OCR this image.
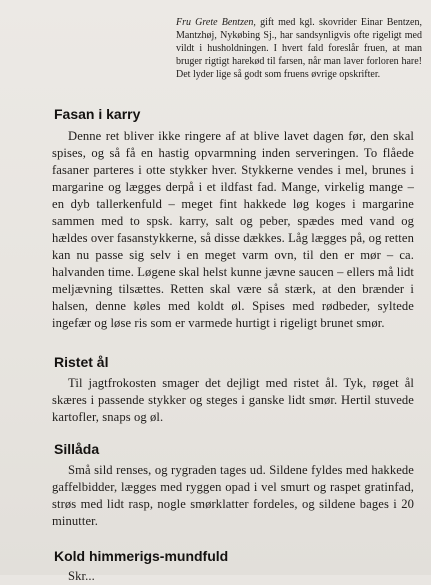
Fru Grete Bentzen, gift med kgl. skovrider Einar Bentzen, Mantzhøj, Nykøbing Sj., har sandsynligvis ofte rigeligt med vildt i husholdningen. I hvert fald foreslår fruen, at man bruger rigtigt harekød til farsen, når man laver forloren hare! Det lyder lige så godt som fruens øvrige opskrifter.
Fasan i karry
Denne ret bliver ikke ringere af at blive lavet dagen før, den skal spises, og så få en hastig opvarmning inden serveringen. To flåede fasaner parteres i otte stykker hver. Stykkerne vendes i mel, brunes i margarine og lægges derpå i et ildfast fad. Mange, virkelig mange – en dyb tallerkenfuld – meget fint hakkede løg koges i margarine sammen med to spsk. karry, salt og peber, spædes med vand og hældes over fasanstykkerne, så disse dækkes. Låg lægges på, og retten kan nu passe sig selv i en meget varm ovn, til den er mør – ca. halvanden time. Løgene skal helst kunne jævne saucen – ellers må lidt meljævning tilsættes. Retten skal være så stærk, at den brænder i halsen, denne køles med koldt øl. Spises med rødbeder, syltede ingefær og løse ris som er varmede hurtigt i rigeligt brunet smør.
Ristet ål
Til jagtfrokosten smager det dejligt med ristet ål. Tyk, røget ål skæres i passende stykker og steges i ganske lidt smør. Hertil stuvede kartofler, snaps og øl.
Sillåda
Små sild renses, og rygraden tages ud. Sildene fyldes med hakkede gaffelbidder, lægges med ryggen opad i vel smurt og raspet gratinfad, strøs med lidt rasp, nogle smørklatter fordeles, og sildene bages i 20 minutter.
Kold himmerigs-mundfuld
Skr...
